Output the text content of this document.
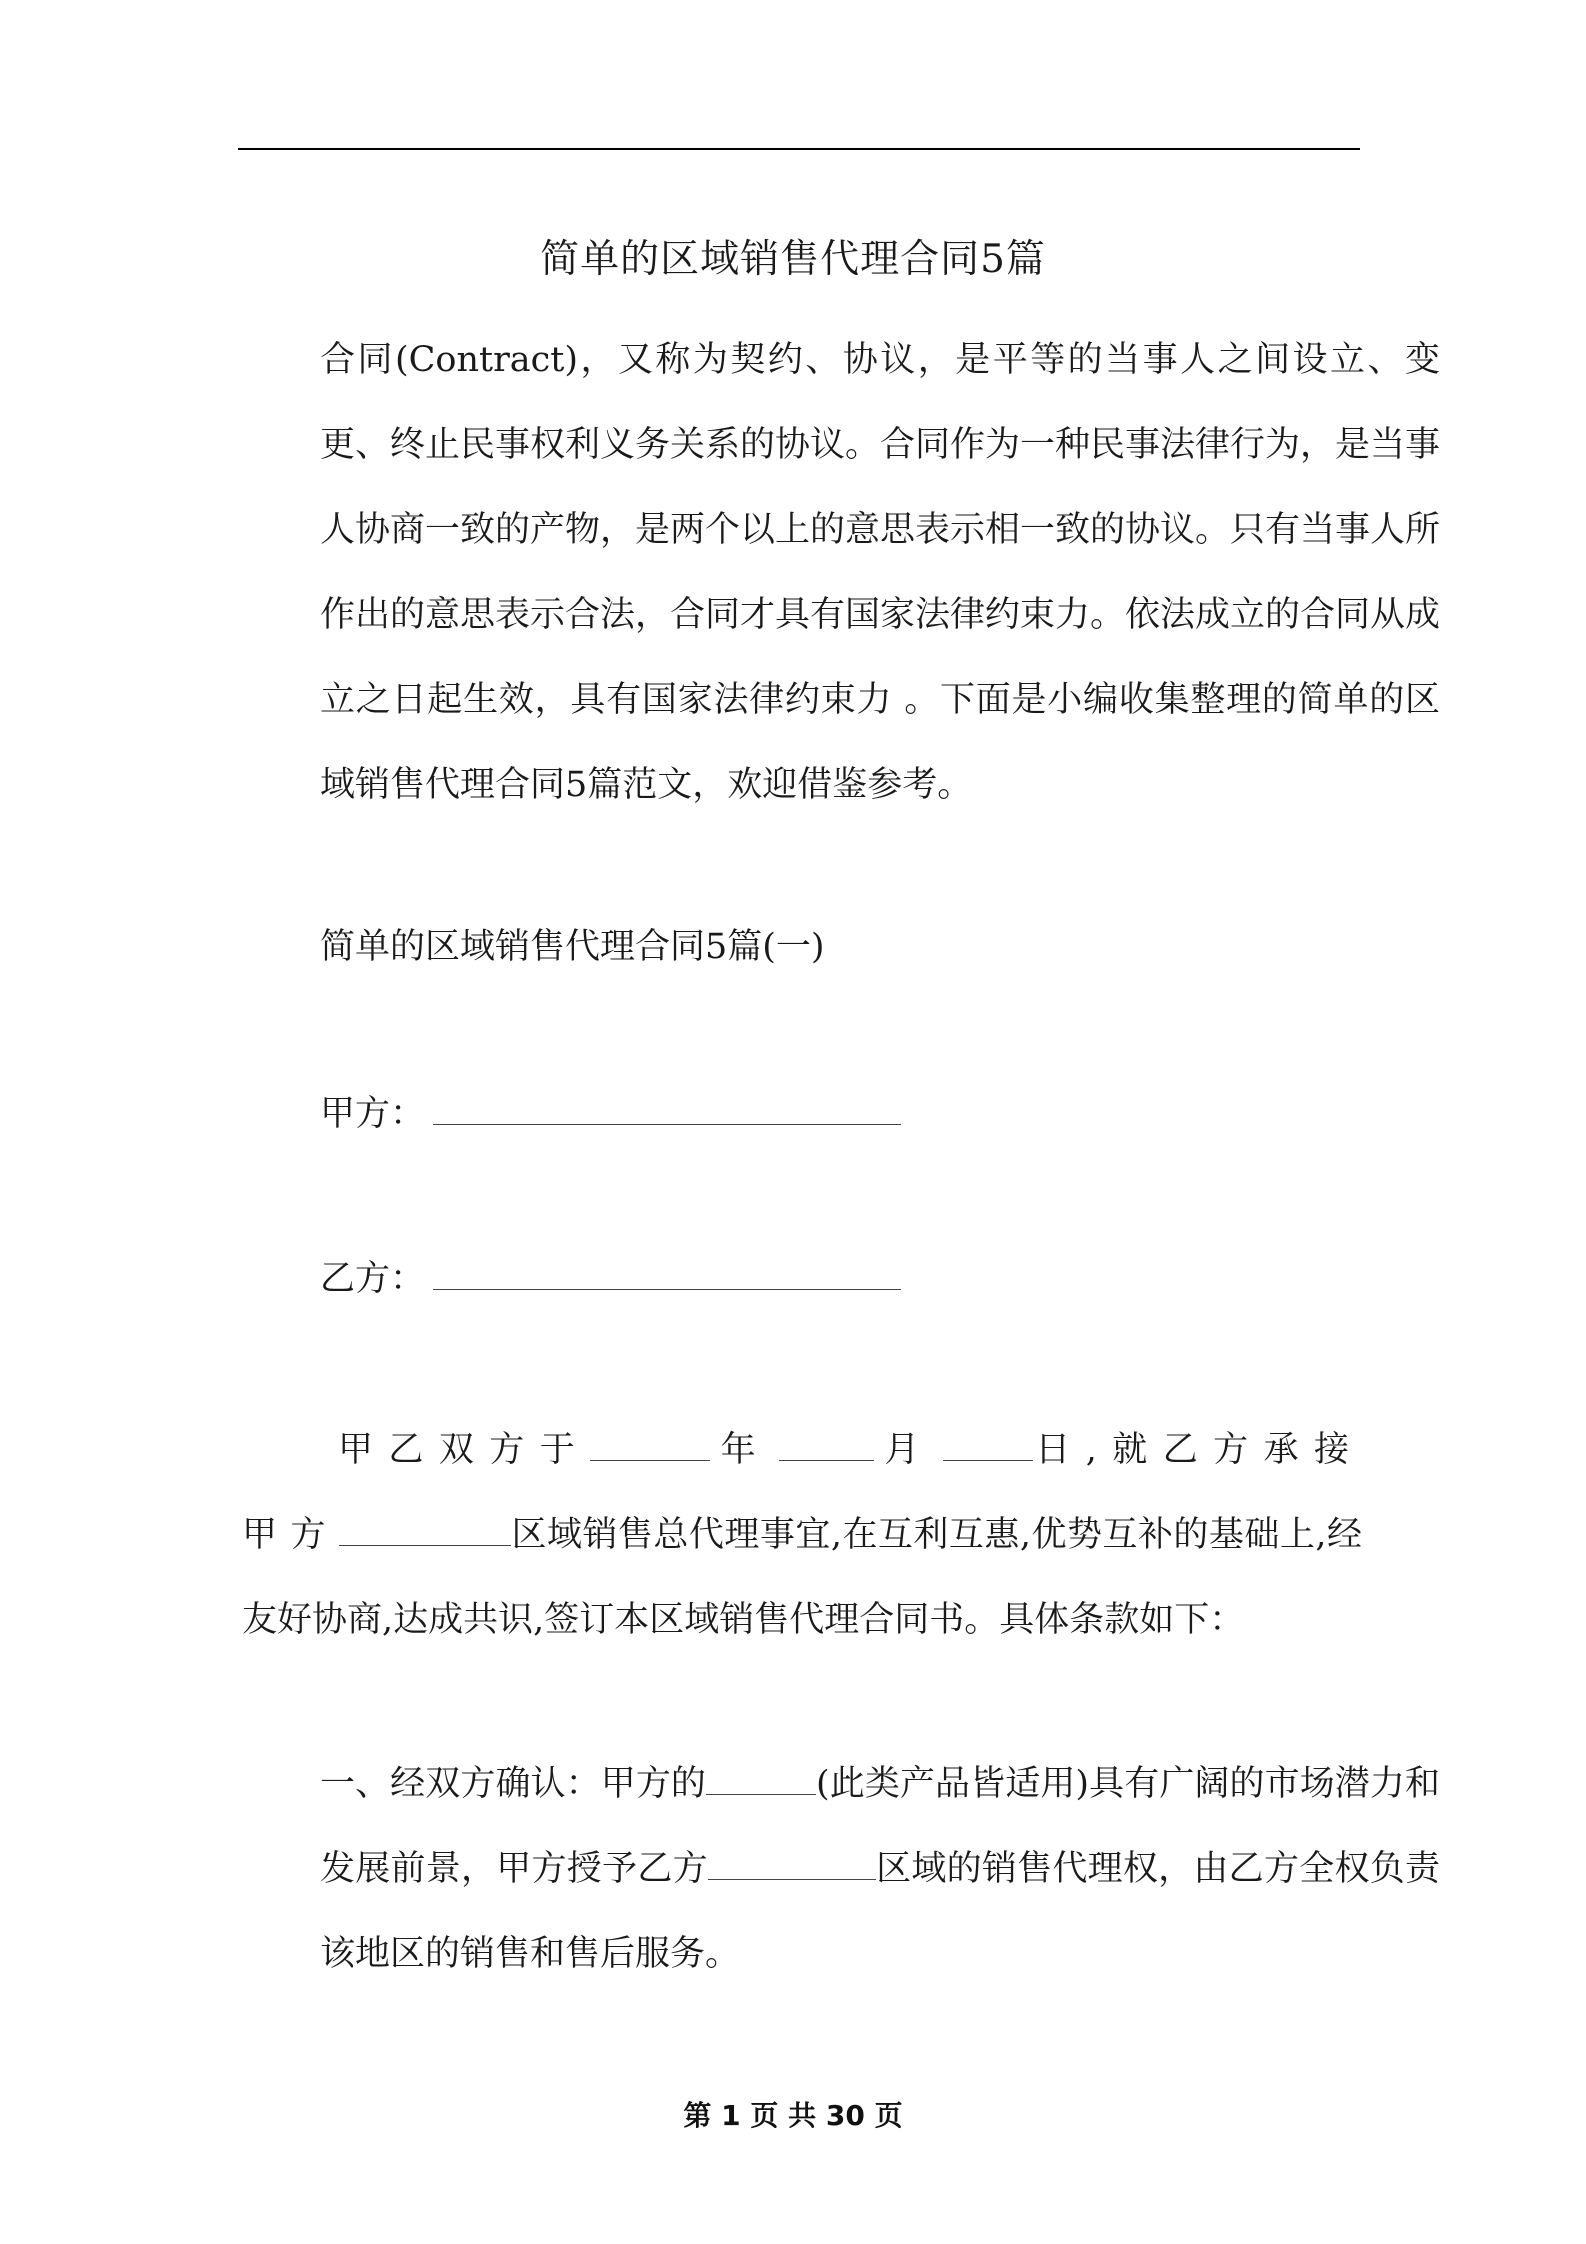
简单的区域销售代理合同5篇

合同(Contract)，又称为契约、协议，是平等的当事人之间设立、变更、终止民事权利义务关系的协议。合同作为一种民事法律行为，是当事人协商一致的产物，是两个以上的意思表示相一致的协议。只有当事人所作出的意思表示合法，合同才具有国家法律约束力。依法成立的合同从成立之日起生效，具有国家法律约束力 。下面是小编收集整理的简单的区域销售代理合同5篇范文，欢迎借鉴参考。

简单的区域销售代理合同5篇(一)

甲方：

乙方：

甲乙双方于	年	月	日,就乙方承接甲方	区域销售总代理事宜,在互利互惠,优势互补的基础上,经友好协商,达成共识,签订本区域销售代理合同书。具体条款如下：

一、经双方确认：甲方的	(此类产品皆适用)具有广阔的市场潜力和发展前景，甲方授予乙方	区域的销售代理权，由乙方全权负责该地区的销售和售后服务。

第 1 页 共 30 页
